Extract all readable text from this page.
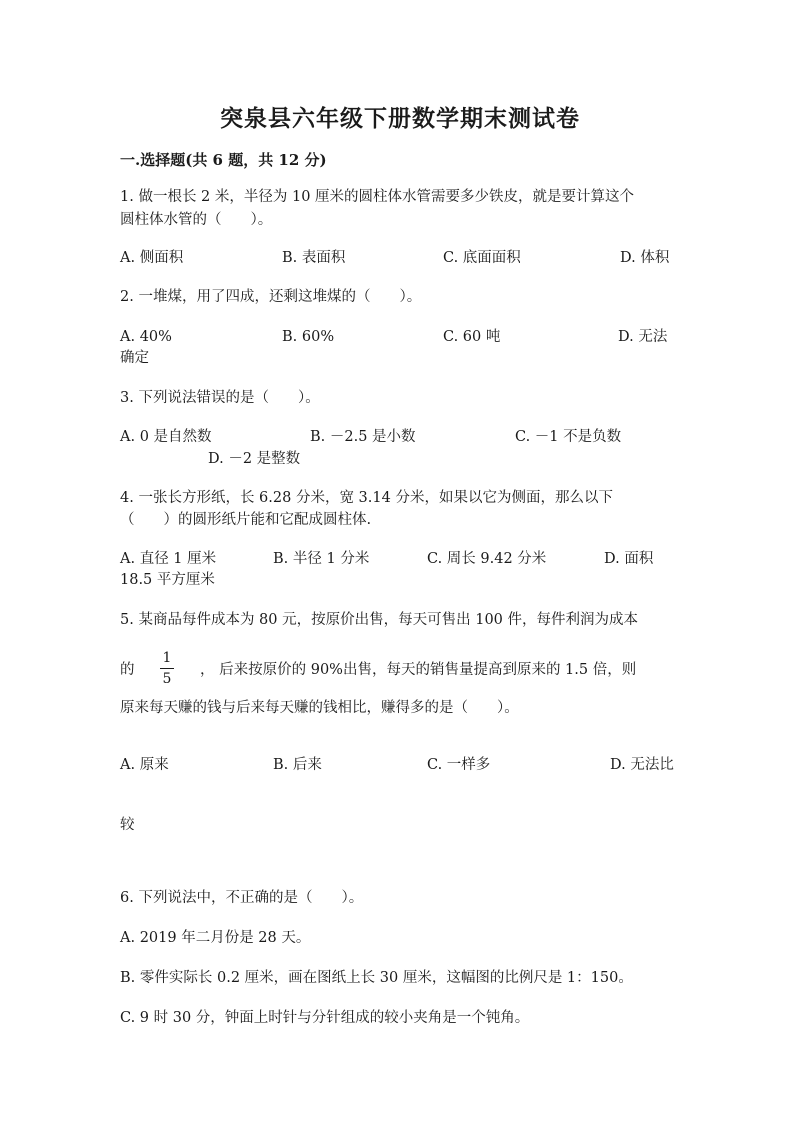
突泉县六年级下册数学期末测试卷
一.选择题(共 6 题，共 12 分)
1. 做一根长 2 米，半径为 10 厘米的圆柱体水管需要多少铁皮，就是要计算这个
圆柱体水管的（　　）。
A. 侧面积	B. 表面积	C. 底面面积	D. 体积
2. 一堆煤，用了四成，还剩这堆煤的（　　）。
A. 40%	B. 60%	C. 60 吨	D. 无法
确定
3. 下列说法错误的是（　　）。
A. 0 是自然数	B. －2.5 是小数	C. －1 不是负数
D. －2 是整数
4. 一张长方形纸，长 6.28 分米，宽 3.14 分米，如果以它为侧面，那么以下
（　　）的圆形纸片能和它配成圆柱体.
A. 直径 1 厘米	B. 半径 1 分米	C. 周长 9.42 分米	D. 面积
18.5 平方厘米
5. 某商品每件成本为 80 元，按原价出售，每天可售出 100 件，每件利润为成本
的
1
5
， 后来按原价的 90%出售，每天的销售量提高到原来的 1.5 倍，则
原来每天赚的钱与后来每天赚的钱相比，赚得多的是（　　）。
A. 原来	B. 后来	C. 一样多	D. 无法比
较
6. 下列说法中，不正确的是（　　）。
A. 2019 年二月份是 28 天。
B. 零件实际长 0.2 厘米，画在图纸上长 30 厘米，这幅图的比例尺是 1：150。
C. 9 时 30 分，钟面上时针与分针组成的较小夹角是一个钝角。
